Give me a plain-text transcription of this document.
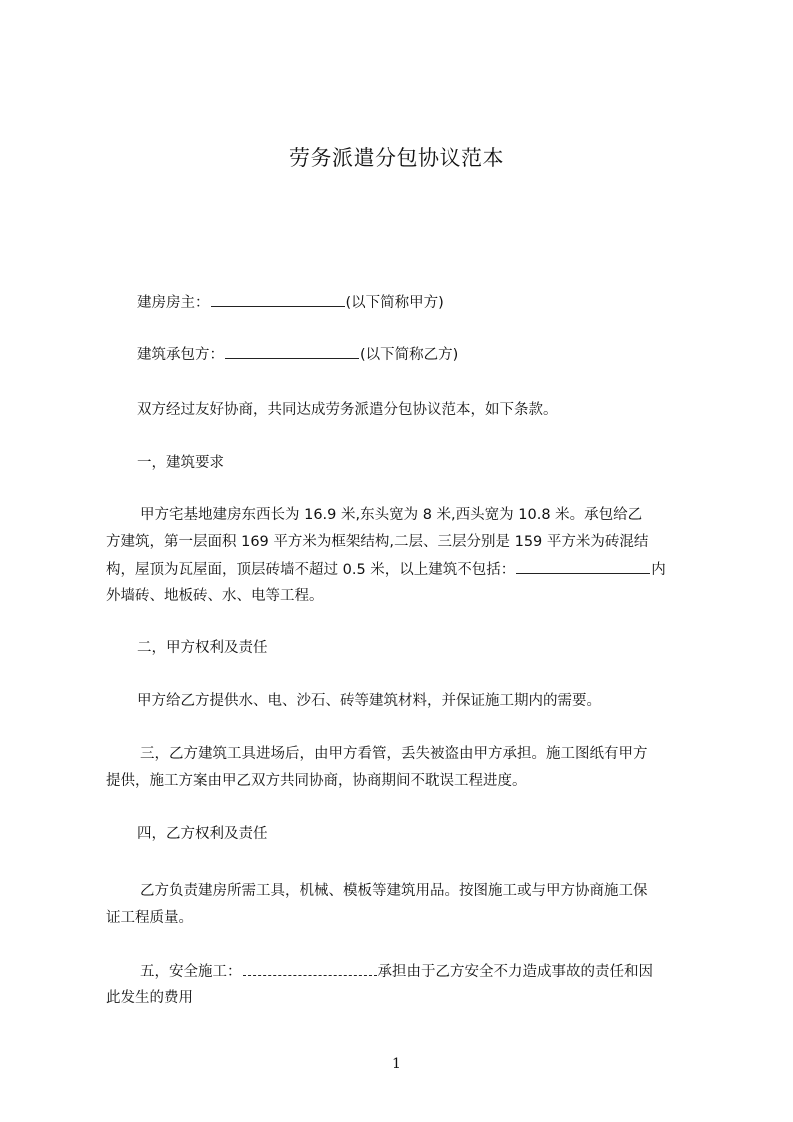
劳务派遣分包协议范本
建房房主：	(以下简称甲方)
建筑承包方：	(以下简称乙方)
双方经过友好协商，共同达成劳务派遣分包协议范本，如下条款。
一，建筑要求
甲方宅基地建房东西长为 16.9 米,东头宽为 8 米,西头宽为 10.8 米。承包给乙
方建筑，第一层面积 169 平方米为框架结构,二层、三层分别是 159 平方米为砖混结
构，屋顶为瓦屋面，顶层砖墙不超过 0.5 米，以上建筑不包括：	内
外墙砖、地板砖、水、电等工程。
二，甲方权利及责任
甲方给乙方提供水、电、沙石、砖等建筑材料，并保证施工期内的需要。
三，乙方建筑工具进场后，由甲方看管，丢失被盗由甲方承担。施工图纸有甲方
提供，施工方案由甲乙双方共同协商，协商期间不耽误工程进度。
四，乙方权利及责任
乙方负责建房所需工具，机械、模板等建筑用品。按图施工或与甲方协商施工保
证工程质量。
五，安全施工：	承担由于乙方安全不力造成事故的责任和因
此发生的费用
1
